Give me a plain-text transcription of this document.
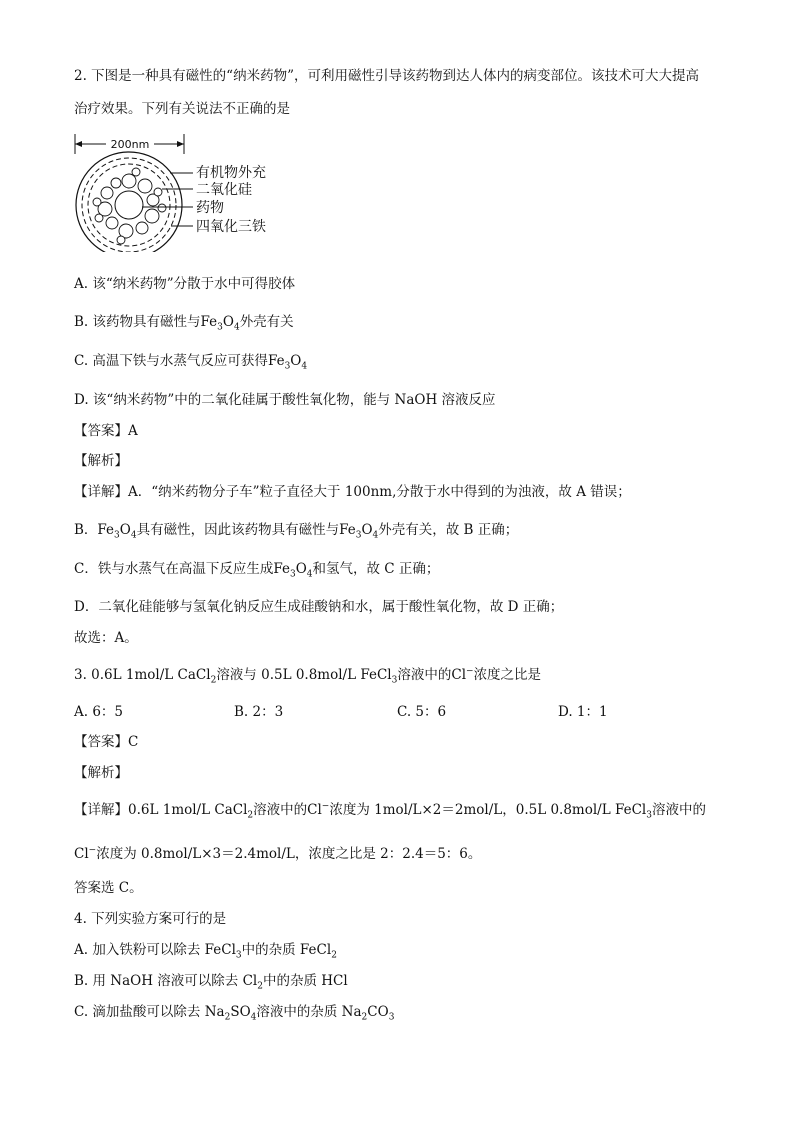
2. 下图是一种具有磁性的“纳米药物”，可利用磁性引导该药物到达人体内的病变部位。该技术可大大提高
治疗效果。下列有关说法不正确的是
200nm
有机物外充
二氧化硅
药物
四氧化三铁
A. 该“纳米药物”分散于水中可得胶体
B. 该药物具有磁性与$Fe_3O_4$外壳有关
C. 高温下铁与水蒸气反应可获得$Fe_3O_4$
D. 该“纳米药物”中的二氧化硅属于酸性氧化物，能与 NaOH 溶液反应
【答案】A
【解析】
【详解】A．“纳米药物分子车”粒子直径大于 100nm,分散于水中得到的为浊液，故 A 错误；
B．$Fe_3O_4$具有磁性，因此该药物具有磁性与$Fe_3O_4$外壳有关，故 B 正确；
C．铁与水蒸气在高温下反应生成$Fe_3O_4$和氢气，故 C 正确；
D．二氧化硅能够与氢氧化钠反应生成硅酸钠和水，属于酸性氧化物，故 D 正确；
故选：A。
3. 0.6L 1mol/L CaCl$_2$溶液与 0.5L 0.8mol/L FeCl$_3$溶液中的Cl−浓度之比是
A. 6：5	B. 2：3	C. 5：6	D. 1：1
【答案】C
【解析】
【详解】0.6L 1mol/L CaCl$_2$溶液中的Cl−浓度为 1mol/L×2＝2mol/L，0.5L 0.8mol/L FeCl$_3$溶液中的
Cl−浓度为 0.8mol/L×3＝2.4mol/L，浓度之比是 2：2.4＝5：6。
答案选 C。
4. 下列实验方案可行的是
A. 加入铁粉可以除去 FeCl$_3$中的杂质 FeCl$_2$
B. 用 NaOH 溶液可以除去 $Cl_2$中的杂质 HCl
C. 滴加盐酸可以除去 $Na_2SO_4$溶液中的杂质 $Na_2CO_3$
